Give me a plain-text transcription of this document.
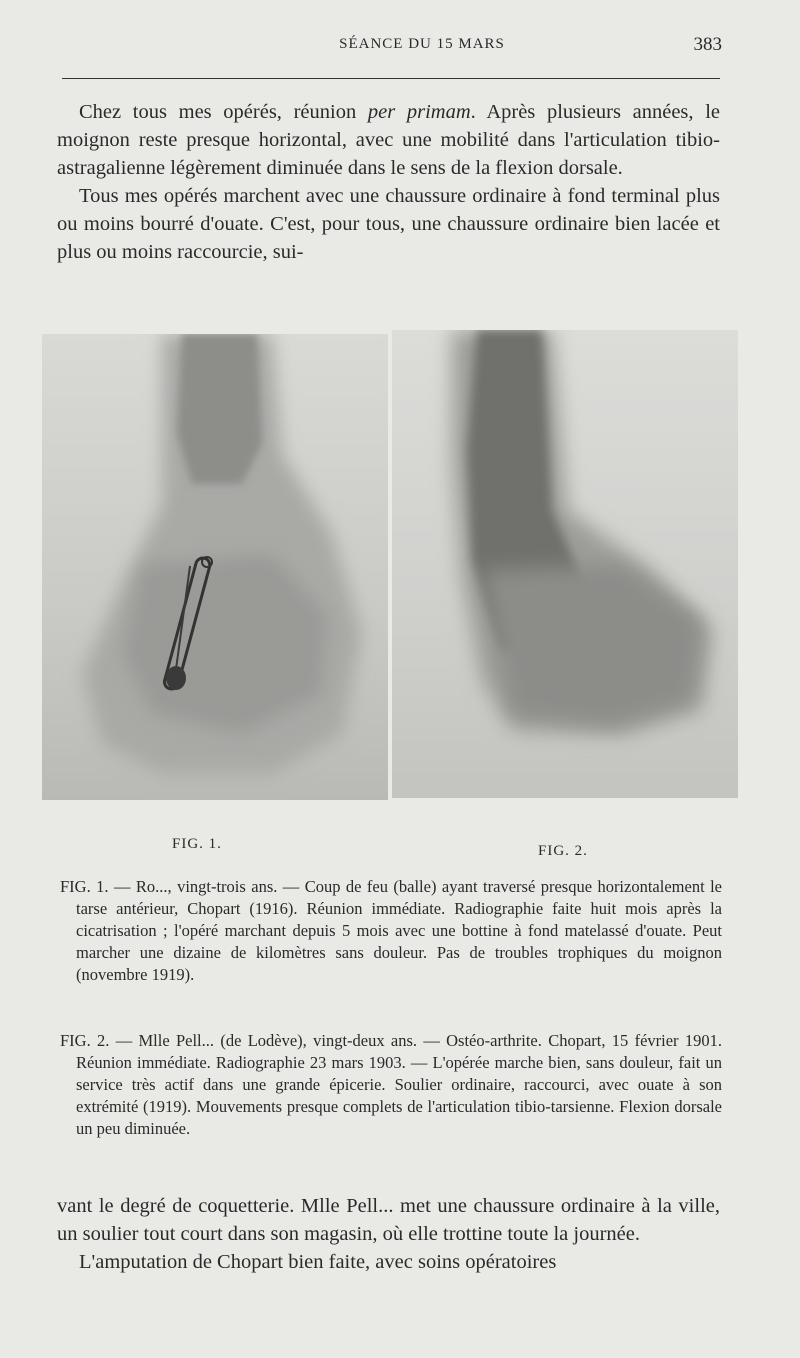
SÉANCE DU 15 MARS	383

Chez tous mes opérés, réunion per primam. Après plusieurs années, le moignon reste presque horizontal, avec une mobilité dans l'articulation tibio-astragalienne légèrement diminuée dans le sens de la flexion dorsale.

Tous mes opérés marchent avec une chaussure ordinaire à fond terminal plus ou moins bourré d'ouate. C'est, pour tous, une chaussure ordinaire bien lacée et plus ou moins raccourcie, sui-

FIG. 1.	FIG. 2.

FIG. 1. — Ro..., vingt-trois ans. — Coup de feu (balle) ayant traversé presque horizontalement le tarse antérieur, Chopart (1916). Réunion immédiate. Radiographie faite huit mois après la cicatrisation ; l'opéré marchant depuis 5 mois avec une bottine à fond matelassé d'ouate. Peut marcher une dizaine de kilomètres sans douleur. Pas de troubles trophiques du moignon (novembre 1919).

FIG. 2. — Mlle Pell... (de Lodève), vingt-deux ans. — Ostéo-arthrite. Chopart, 15 février 1901. Réunion immédiate. Radiographie 23 mars 1903. — L'opérée marche bien, sans douleur, fait un service très actif dans une grande épicerie. Soulier ordinaire, raccourci, avec ouate à son extrémité (1919). Mouvements presque complets de l'articulation tibio-tarsienne. Flexion dorsale un peu diminuée.

vant le degré de coquetterie. Mlle Pell... met une chaussure ordinaire à la ville, un soulier tout court dans son magasin, où elle trottine toute la journée.

L'amputation de Chopart bien faite, avec soins opératoires
